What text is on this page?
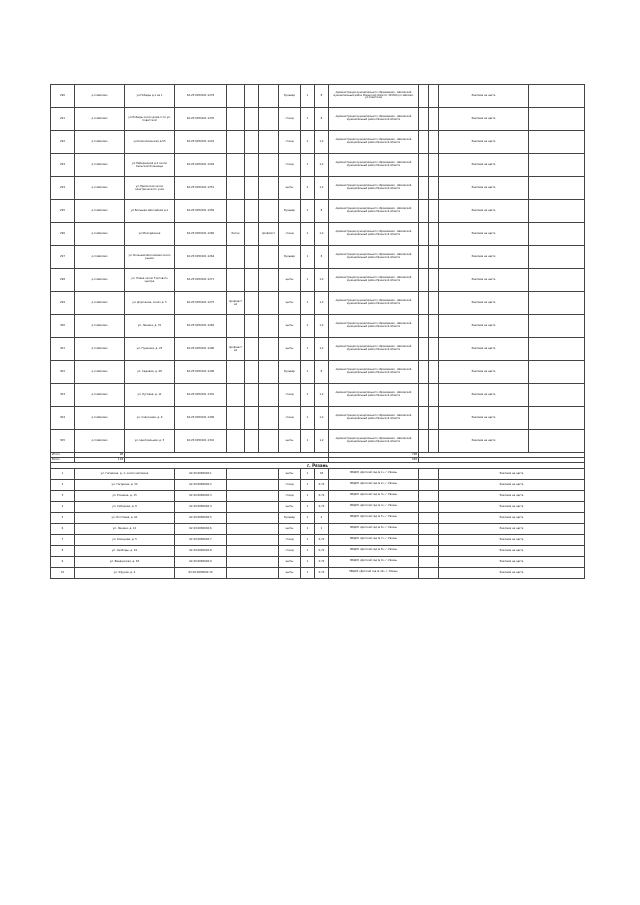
290	р.п.Шилово	ул.Победы д.1 кв 1	62:25:0050101:1233				бульвар	1	8	Администрация муниципального образования - Шиловский муниципальный район Рязанской области, 391500 р.п.Шилово, ул.Советская			Реклама на щите	
291	р.п.Шилово	ул.Победы около дома 1 по ул. Советской	62:25:0050101:1235				стенд	1	8	Администрация муниципального образования - Шиловский муниципальный район Рязанской области			Реклама на щите	
292	р.п.Шилово	ул.Комсомольская д.53	62:25:0050101:1242				стенд	1	1,2	Администрация муниципального образования - Шиловский муниципальный район Рязанской области			Реклама на щите	
293	р.п.Шилово	ул.Набережная д.2 около Сельской больницы	62:25:0050101:1249				стенд	1	1,2	Администрация муниципального образования - Шиловский муниципальный район Рязанской области			Реклама на щите	
294	р.п.Шилово	ул.Приокская около электрического узла	62:25:0050101:1251				щиты	2	1,2	Администрация муниципального образования - Шиловский муниципальный район Рязанской области			Реклама на щите	
295	р.п.Шилово	ул.Большая Шоссейная д.1	62:25:0050101:1256				бульвар	1	8	Администрация муниципального образования - Шиловский муниципальный район Рязанской области			Реклама на щите	
296	р.п.Шилово	ул.Молодёжная	62:25:0050101:1260	бетон		профлист	стенд	1	1,2	Администрация муниципального образования - Шиловский муниципальный район Рязанской области			Реклама на щите	
297	р.п.Шилово	ул. Большая Шоссейная около рынка	62:25:0050101:1264				бульвар	1	8	Администрация муниципального образования - Шиловский муниципальный район Рязанской области			Реклама на щите	
298	р.п.Шилово	ул. Новая около Торгового центра	62:25:0050101:1271				щиты	1	1,2	Администрация муниципального образования - Шиловский муниципальный район Рязанской области			Реклама на щите	
299	р.п.Шилово	ул. Дорожная, около д. 5	62:25:0050101:1275	профнастил			щиты	1	1,2	Администрация муниципального образования - Шиловский муниципальный район Рязанской области			Реклама на щите	
300	р.п.Шилово	ул. Ленина, д. 31	62:25:0050101:1282				щиты	1	1,2	Администрация муниципального образования - Шиловский муниципальный район Рязанской области			Реклама на щите	
301	р.п.Шилово	ул. Пушкина, д. 23	62:25:0050101:1290	профнастил			щиты	1	1,2	Администрация муниципального образования - Шиловский муниципальный район Рязанской области			Реклама на щите	
302	р.п.Шилово	ул. Садовая, д. 48	62:25:0050101:1296				бульвар	1	8	Администрация муниципального образования - Шиловский муниципальный район Рязанской области			Реклама на щите	
303	р.п.Шилово	ул. Луговая, д. 11	62:25:0050101:1301				стенд	1	1,2	Администрация муниципального образования - Шиловский муниципальный район Рязанской области			Реклама на щите	
304	р.п.Шилово	ул. Совхозная, д. 9	62:25:0050101:1306				стенд	1	1,2	Администрация муниципального образования - Шиловский муниципальный район Рязанской области			Реклама на щите	
305	р.п.Шилово	ул. Центральная, д. 5	62:25:0050101:1310				щиты	1	1,2	Администрация муниципального образования - Шиловский муниципальный район Рязанской области			Реклама на щите	
Итого	98									798				
Всего	118									958				
г. Рязань														
1	ул. Гагарина, д. 1, около магазина		62:29:0080092:1				щиты	1	18	МБДОУ «Детский сад № 1», г. Рязань			Реклама на щите	
2	ул. Гагарина, д. 32		62:29:0080092:2				стенд	1	0,72	МБДОУ «Детский сад № 2», г. Рязань			Реклама на щите	
3	ул. Есенина, д. 15		62:29:0080092:3				стенд	1	0,72	МБДОУ «Детский сад № 3», г. Рязань			Реклама на щите	
4	ул. Соборная, д. 8		62:29:0080092:4				щиты	1	0,72	МБДОУ «Детский сад № 4», г. Рязань			Реклама на щите	
5	ул. Почтовая, д. 61		62:29:0080092:5				бульвар	1	4	МБДОУ «Детский сад № 5», г. Рязань			Реклама на щите	
6	ул. Ленина, д. 12		62:29:0080092:6				щиты	1	1	МБДОУ «Детский сад № 6», г. Рязань			Реклама на щите	
7	ул. Кольцова, д. 5		62:29:0080092:7				стенд	1	0,72	МБДОУ «Детский сад № 7», г. Рязань			Реклама на щите	
8	ул. Свободы, д. 34		62:29:0080092:8				стенд	1	0,72	МБДОУ «Детский сад № 8», г. Рязань			Реклама на щите	
9	ул. Введенская, д. 63		62:29:0080092:9				щиты	1	0,72	МБДОУ «Детский сад № 9», г. Рязань			Реклама на щите	
10	ул. Фрунзе, д. 4		62:29:0080092:10				щиты	1	0,72	МБДОУ «Детский сад № 10», г. Рязань			Реклама на щите	
